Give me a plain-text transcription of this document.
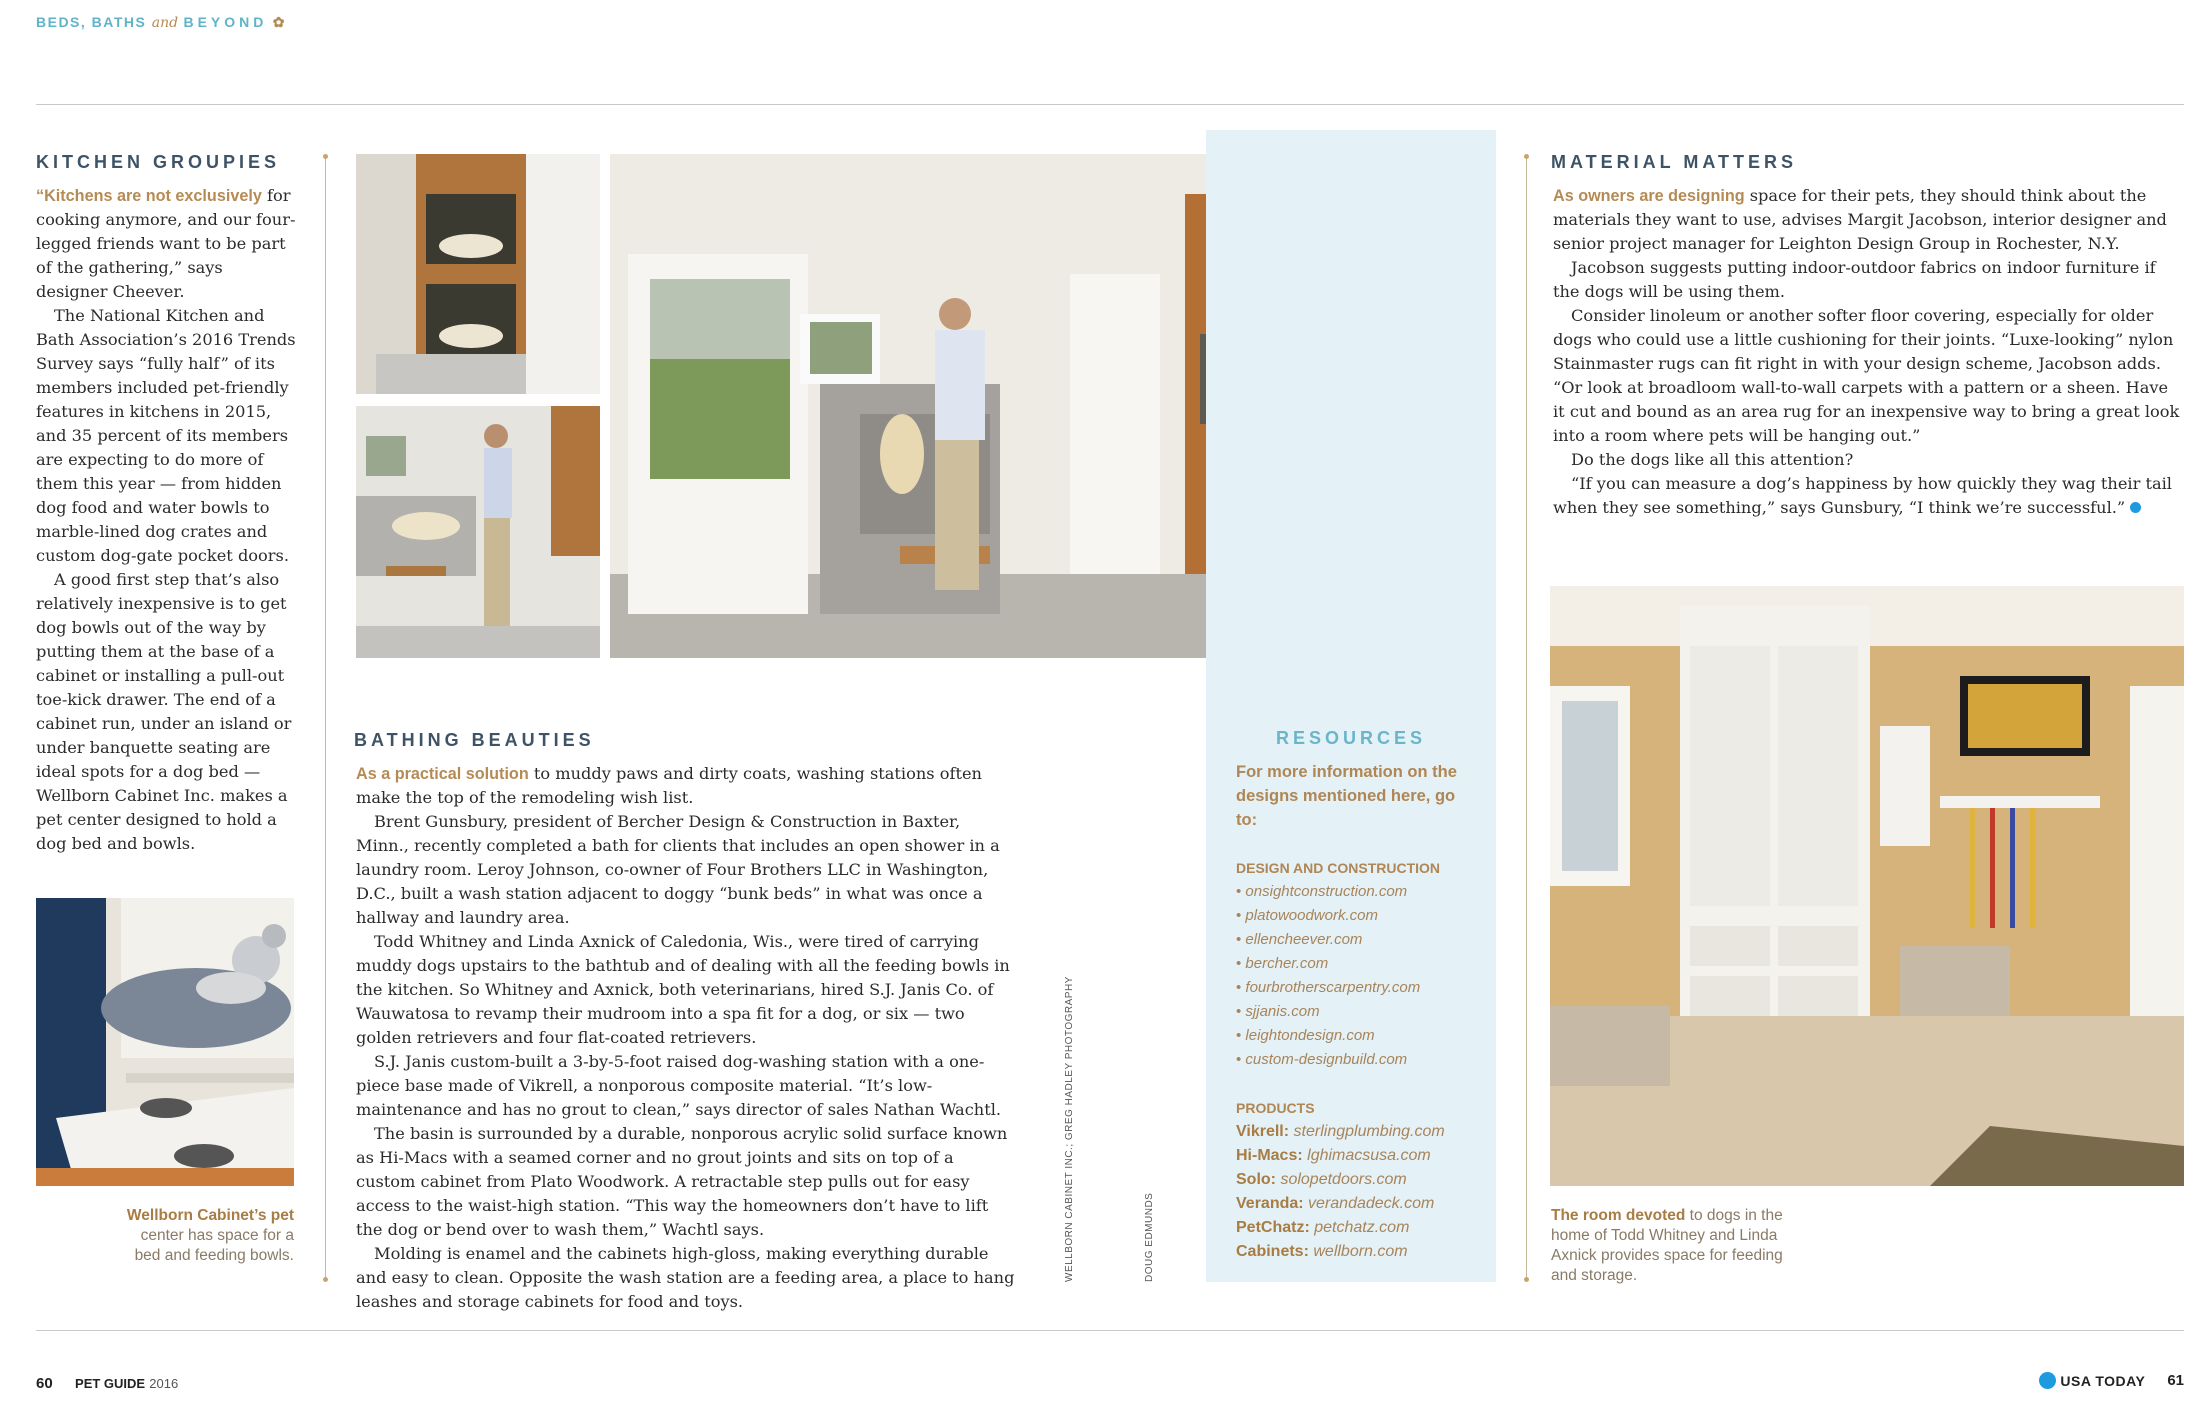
BEDS, BATHS and BEYOND ✿
KITCHEN GROUPIES

“Kitchens are not exclusively for cooking anymore, and our four-legged friends want to be part of the gathering,” says designer Cheever.

The National Kitchen and Bath Association’s 2016 Trends Survey says “fully half” of its members included pet-friendly features in kitchens in 2015, and 35 percent of its members are expecting to do more of them this year — from hidden dog food and water bowls to marble-lined dog crates and custom dog-gate pocket doors.

A good first step that’s also relatively inexpensive is to get dog bowls out of the way by putting them at the base of a cabinet or installing a pull-out toe-kick drawer. The end of a cabinet run, under an island or under banquette seating are ideal spots for a dog bed — Wellborn Cabinet Inc. makes a pet center designed to hold a dog bed and bowls.

Wellborn Cabinet’s pet center has space for a bed and feeding bowls.
BATHING BEAUTIES

As a practical solution to muddy paws and dirty coats, washing stations often make the top of the remodeling wish list.

Brent Gunsbury, president of Bercher Design & Construction in Baxter, Minn., recently completed a bath for clients that includes an open shower in a laundry room. Leroy Johnson, co-owner of Four Brothers LLC in Washington, D.C., built a wash station adjacent to doggy “bunk beds” in what was once a hallway and laundry area.

Todd Whitney and Linda Axnick of Caledonia, Wis., were tired of carrying muddy dogs upstairs to the bathtub and of dealing with all the feeding bowls in the kitchen. So Whitney and Axnick, both veterinarians, hired S.J. Janis Co. of Wauwatosa to revamp their mudroom into a spa fit for a dog, or six — two golden retrievers and four flat-coated retrievers.

S.J. Janis custom-built a 3-by-5-foot raised dog-washing station with a one-piece base made of Vikrell, a nonporous composite material. “It’s low-maintenance and has no grout to clean,” says director of sales Nathan Wachtl.

The basin is surrounded by a durable, nonporous acrylic solid surface known as Hi-Macs with a seamed corner and no grout joints and sits on top of a custom cabinet from Plato Woodwork. A retractable step pulls out for easy access to the waist-high station. “This way the homeowners don’t have to lift the dog or bend over to wash them,” Wachtl says.

Molding is enamel and the cabinets high-gloss, making everything durable and easy to clean. Opposite the wash station are a feeding area, a place to hang leashes and storage cabinets for food and toys.

WELLBORN CABINET INC.; GREG HADLEY PHOTOGRAPHY	DOUG EDMUNDS
RESOURCES
For more information on the designs mentioned here, go to:
DESIGN AND CONSTRUCTION
• onsightconstruction.com
• platowoodwork.com
• ellencheever.com
• bercher.com
• fourbrotherscarpentry.com
• sjjanis.com
• leightondesign.com
• custom-designbuild.com
PRODUCTS
Vikrell: sterlingplumbing.com
Hi-Macs: lghimacsusa.com
Solo: solopetdoors.com
Veranda: verandadeck.com
PetChatz: petchatz.com
Cabinets: wellborn.com
MATERIAL MATTERS

As owners are designing space for their pets, they should think about the materials they want to use, advises Margit Jacobson, interior designer and senior project manager for Leighton Design Group in Rochester, N.Y.

Jacobson suggests putting indoor-outdoor fabrics on indoor furniture if the dogs will be using them.

Consider linoleum or another softer floor covering, especially for older dogs who could use a little cushioning for their joints. “Luxe-looking” nylon Stainmaster rugs can fit right in with your design scheme, Jacobson adds. “Or look at broadloom wall-to-wall carpets with a pattern or a sheen. Have it cut and bound as an area rug for an inexpensive way to bring a great look into a room where pets will be hanging out.”

Do the dogs like all this attention?

“If you can measure a dog’s happiness by how quickly they wag their tail when they see something,” says Gunsbury, “I think we’re successful.”

The room devoted to dogs in the home of Todd Whitney and Linda Axnick provides space for feeding and storage.
60 PET GUIDE 2016	USA TODAY 61
